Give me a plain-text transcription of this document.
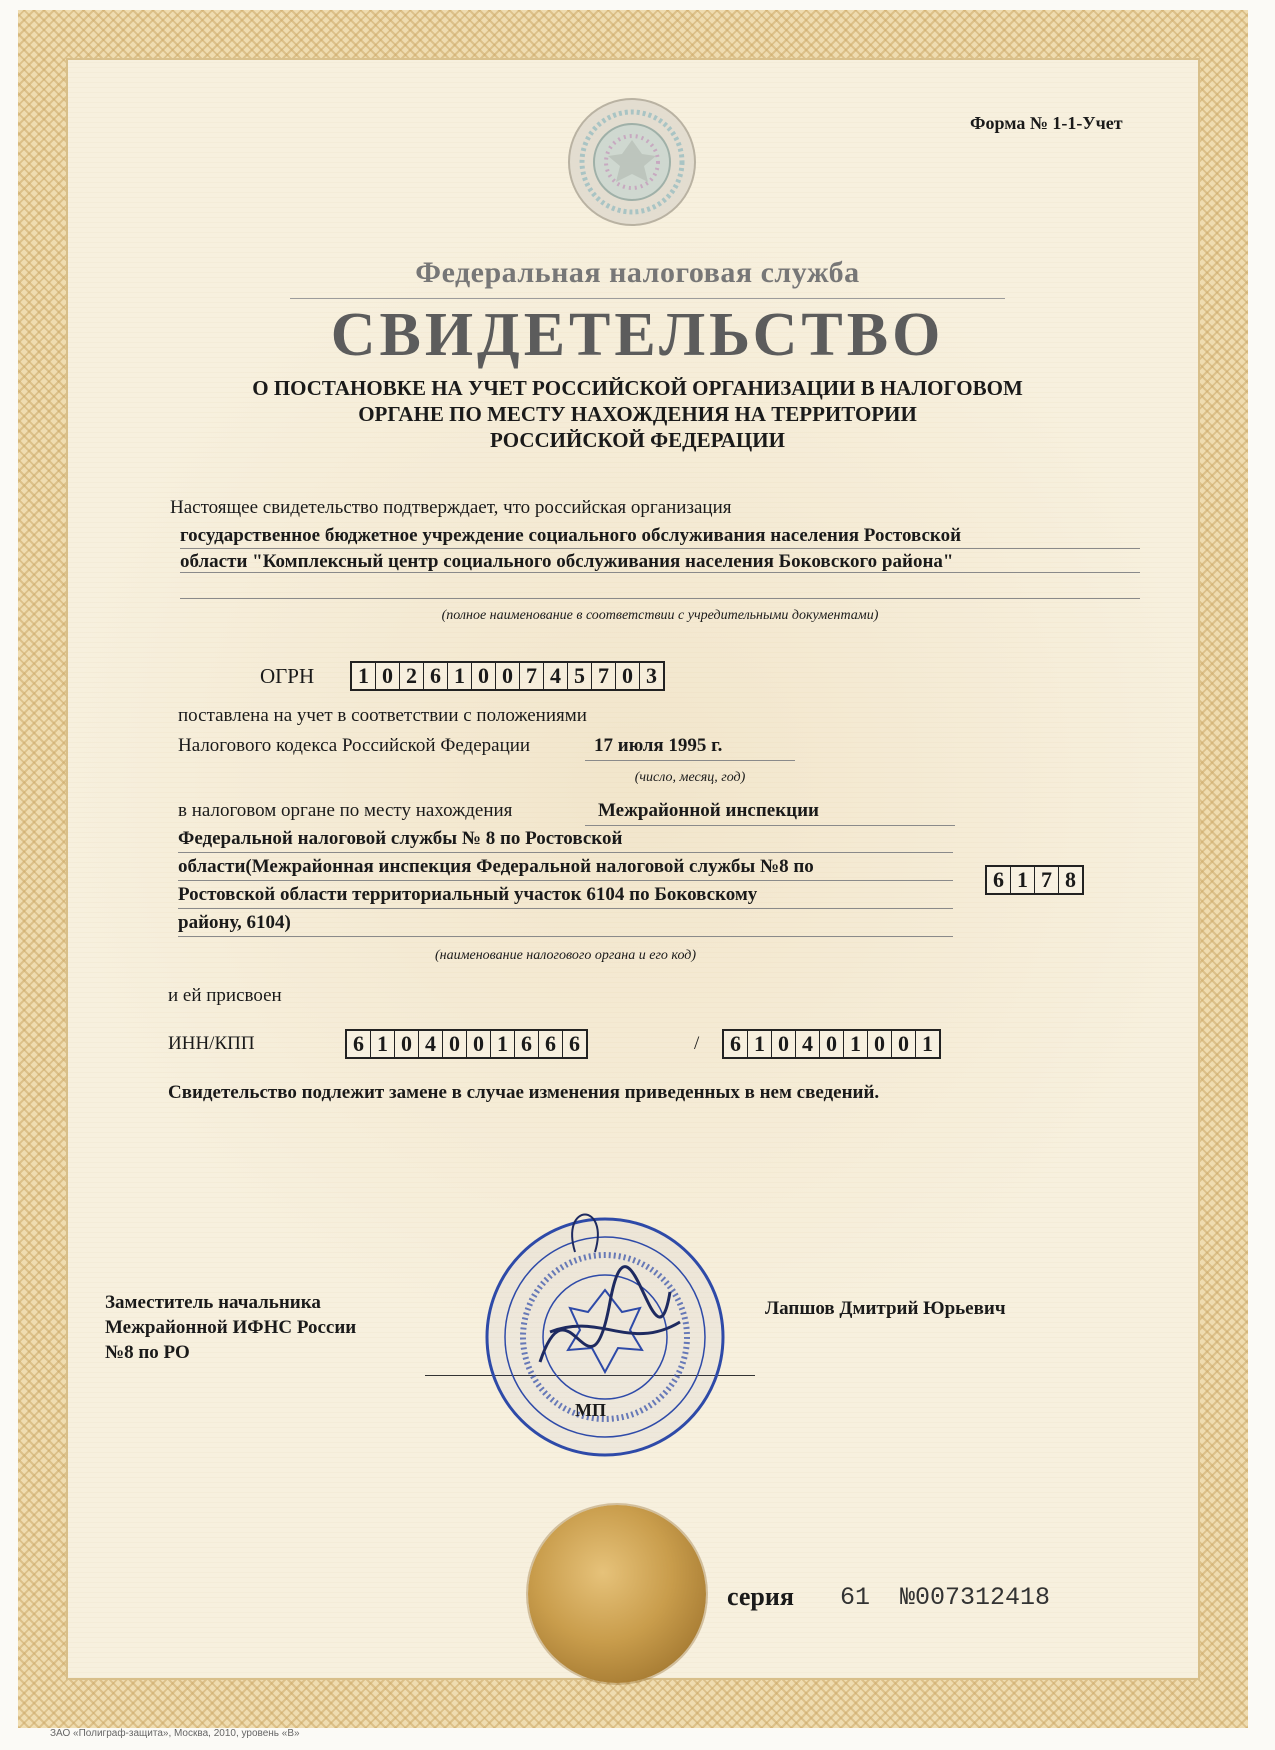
Форма № 1-1-Учет
Федеральная налоговая служба
СВИДЕТЕЛЬСТВО
О ПОСТАНОВКЕ НА УЧЕТ РОССИЙСКОЙ ОРГАНИЗАЦИИ В НАЛОГОВОМ
ОРГАНЕ ПО МЕСТУ НАХОЖДЕНИЯ НА ТЕРРИТОРИИ
РОССИЙСКОЙ ФЕДЕРАЦИИ
Настоящее свидетельство подтверждает, что российская организация
государственное бюджетное учреждение социального обслуживания населения Ростовской
области "Комплексный центр социального обслуживания населения Боковского района"
(полное наименование в соответствии с учредительными документами)
ОГРН 1 0 2 6 1 0 0 7 4 5 7 0 3
поставлена на учет в соответствии с положениями
Налогового кодекса Российской Федерации	17 июля 1995 г.
(число, месяц, год)
в налоговом органе по месту нахождения	Межрайонной инспекции
Федеральной налоговой службы № 8 по Ростовской
области(Межрайонная инспекция Федеральной налоговой службы №8 по
Ростовской области территориальный участок 6104 по Боковскому
району, 6104)
6 1 7 8
(наименование налогового органа и его код)
и ей присвоен
ИНН/КПП	6 1 0 4 0 0 1 6 6 6	/ 6 1 0 4 0 1 0 0 1
Свидетельство подлежит замене в случае изменения приведенных в нем сведений.
Заместитель начальника
Межрайонной ИФНС России
№8 по РО
Лапшов Дмитрий Юрьевич
МП
серия 61 №007312418
ЗАО «Полиграф-защита», Москва, 2010, уровень «В»
